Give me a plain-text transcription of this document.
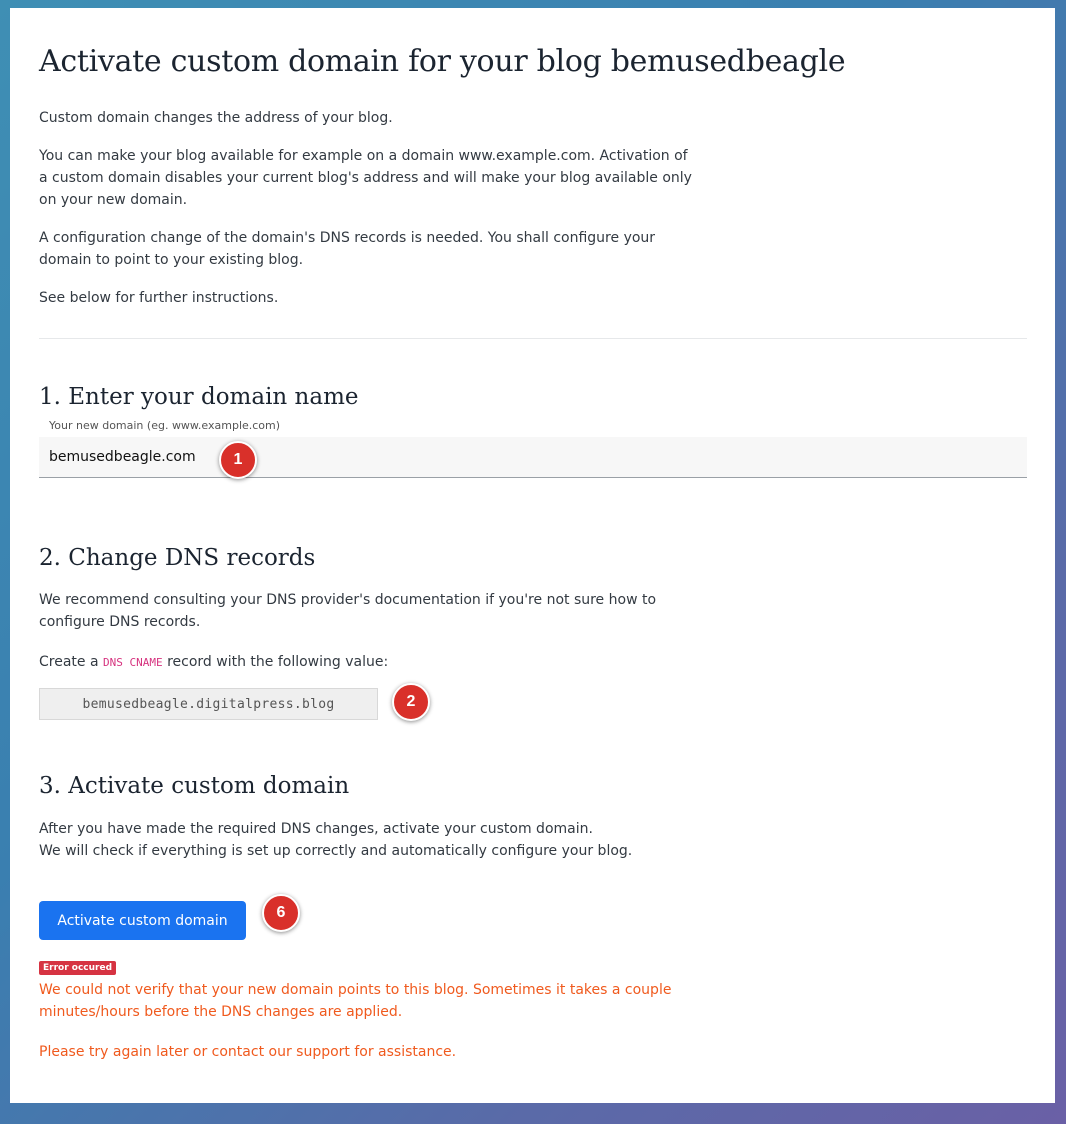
Activate custom domain for your blog bemusedbeagle

Custom domain changes the address of your blog.

You can make your blog available for example on a domain www.example.com. Activation of a custom domain disables your current blog's address and will make your blog available only on your new domain.

A configuration change of the domain's DNS records is needed. You shall configure your domain to point to your existing blog.

See below for further instructions.

1. Enter your domain name
Your new domain (eg. www.example.com)
bemusedbeagle.com
2. Change DNS records

We recommend consulting your DNS provider's documentation if you're not sure how to configure DNS records.

Create a DNS CNAME record with the following value:

bemusedbeagle.digitalpress.blog
3. Activate custom domain

After you have made the required DNS changes, activate your custom domain.
We will check if everything is set up correctly and automatically configure your blog.

Activate custom domain
Error occured

We could not verify that your new domain points to this blog. Sometimes it takes a couple minutes/hours before the DNS changes are applied.

Please try again later or contact our support for assistance.

1
2
6
